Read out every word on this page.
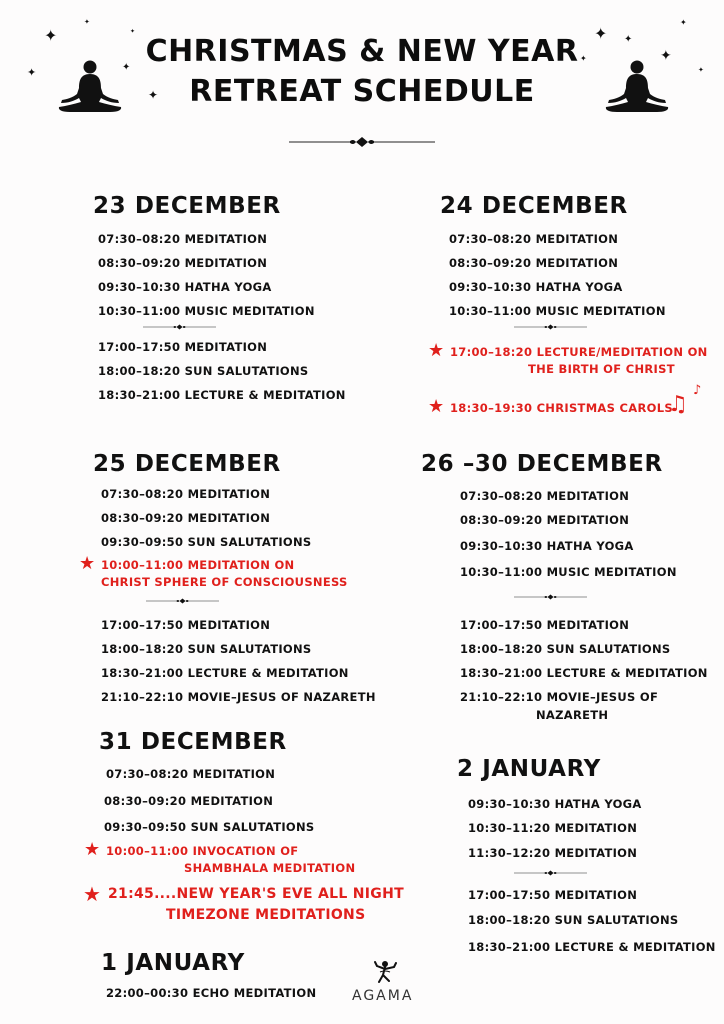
✦
✦
✦
✦
✦
✦	✦
✦
✦
✦
✦
✦
CHRISTMAS & NEW YEAR
RETREAT SCHEDULE
23 DECEMBER
07:30–08:20 MEDITATION
08:30–09:20 MEDITATION
09:30–10:30 HATHA YOGA
10:30–11:00 MUSIC MEDITATION
17:00–17:50 MEDITATION
18:00–18:20 SUN SALUTATIONS
18:30–21:00 LECTURE & MEDITATION
24 DECEMBER
07:30–08:20 MEDITATION
08:30–09:20 MEDITATION
09:30–10:30 HATHA YOGA
10:30–11:00 MUSIC MEDITATION
★ 17:00–18:20 LECTURE/MEDITATION ON
THE BIRTH OF CHRIST
★ 18:30–19:30 CHRISTMAS CAROLS
♫
♪
25 DECEMBER
07:30–08:20 MEDITATION
08:30–09:20 MEDITATION
09:30–09:50 SUN SALUTATIONS
★ 10:00–11:00 MEDITATION ON
CHRIST SPHERE OF CONSCIOUSNESS
17:00–17:50 MEDITATION
18:00–18:20 SUN SALUTATIONS
18:30–21:00 LECTURE & MEDITATION
21:10–22:10 MOVIE–JESUS OF NAZARETH
26 –30 DECEMBER
07:30–08:20 MEDITATION
08:30–09:20 MEDITATION
09:30–10:30 HATHA YOGA
10:30–11:00 MUSIC MEDITATION
17:00–17:50 MEDITATION
18:00–18:20 SUN SALUTATIONS
18:30–21:00 LECTURE & MEDITATION
21:10–22:10 MOVIE–JESUS OF
NAZARETH
31 DECEMBER
07:30–08:20 MEDITATION
08:30–09:20 MEDITATION
09:30–09:50 SUN SALUTATIONS
★ 10:00–11:00 INVOCATION OF
SHAMBHALA MEDITATION
★ 21:45....NEW YEAR'S EVE ALL NIGHT
TIMEZONE MEDITATIONS
1 JANUARY
22:00–00:30 ECHO MEDITATION	AGAMA
2 JANUARY
09:30–10:30 HATHA YOGA
10:30–11:20 MEDITATION
11:30–12:20 MEDITATION
17:00–17:50 MEDITATION
18:00–18:20 SUN SALUTATIONS
18:30–21:00 LECTURE & MEDITATION
